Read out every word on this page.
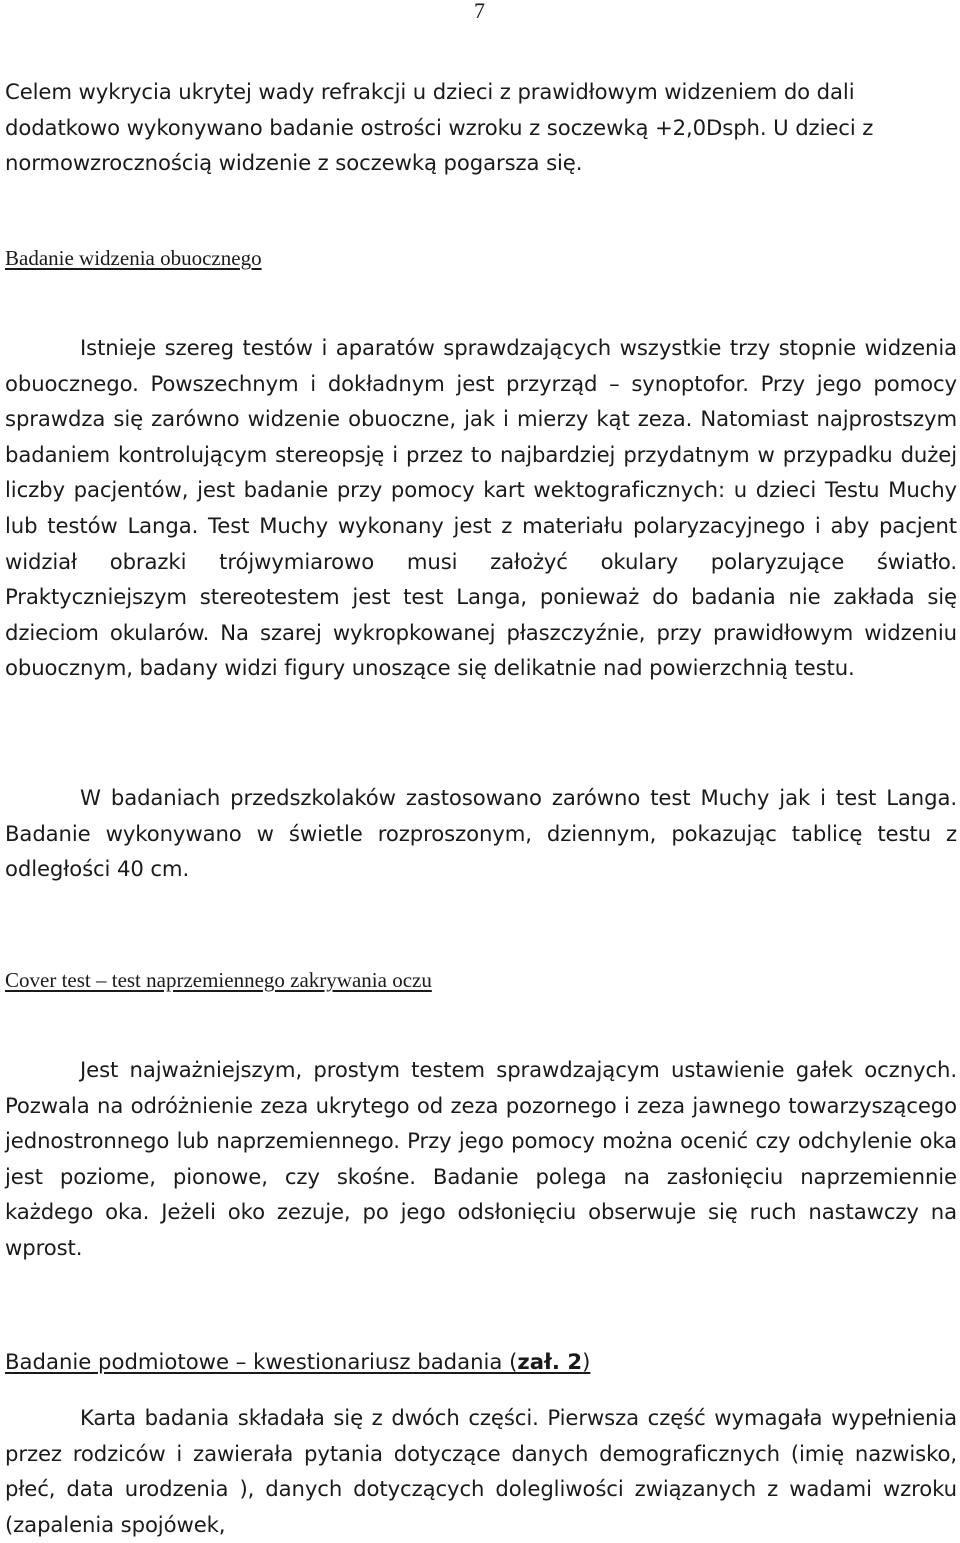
7

Celem wykrycia ukrytej wady refrakcji u dzieci z prawidłowym widzeniem do dali dodatkowo wykonywano badanie ostrości wzroku z soczewką +2,0Dsph. U dzieci z normowzrocznością widzenie z soczewką pogarsza się.

Badanie widzenia obuocznego

Istnieje szereg testów i aparatów sprawdzających wszystkie trzy stopnie widzenia obuocznego. Powszechnym i dokładnym jest przyrząd – synoptofor. Przy jego pomocy sprawdza się zarówno widzenie obuoczne, jak i mierzy kąt zeza. Natomiast najprostszym badaniem kontrolującym stereopsję i przez to najbardziej przydatnym w przypadku dużej liczby pacjentów, jest badanie przy pomocy kart wektograficznych: u dzieci Testu Muchy lub testów Langa. Test Muchy wykonany jest z materiału polaryzacyjnego i aby pacjent widział obrazki trójwymiarowo musi założyć okulary polaryzujące światło. Praktyczniejszym stereotestem jest test Langa, ponieważ do badania nie zakłada się dzieciom okularów. Na szarej wykropkowanej płaszczyźnie, przy prawidłowym widzeniu obuocznym, badany widzi figury unoszące się delikatnie nad powierzchnią testu.

W badaniach przedszkolaków zastosowano zarówno test Muchy jak i test Langa. Badanie wykonywano w świetle rozproszonym, dziennym, pokazując tablicę testu z odległości 40 cm.

Cover test – test naprzemiennego zakrywania oczu

Jest najważniejszym, prostym testem sprawdzającym ustawienie gałek ocznych. Pozwala na odróżnienie zeza ukrytego od zeza pozornego i zeza jawnego towarzyszącego jednostronnego lub naprzemiennego. Przy jego pomocy można ocenić czy odchylenie oka jest poziome, pionowe, czy skośne. Badanie polega na zasłonięciu naprzemiennie każdego oka. Jeżeli oko zezuje, po jego odsłonięciu obserwuje się ruch nastawczy na wprost.

Badanie podmiotowe – kwestionariusz badania (zał. 2)

Karta badania składała się z dwóch części. Pierwsza część wymagała wypełnienia przez rodziców i zawierała pytania dotyczące danych demograficznych (imię nazwisko, płeć, data urodzenia ), danych dotyczących dolegliwości związanych z wadami wzroku (zapalenia spojówek,
